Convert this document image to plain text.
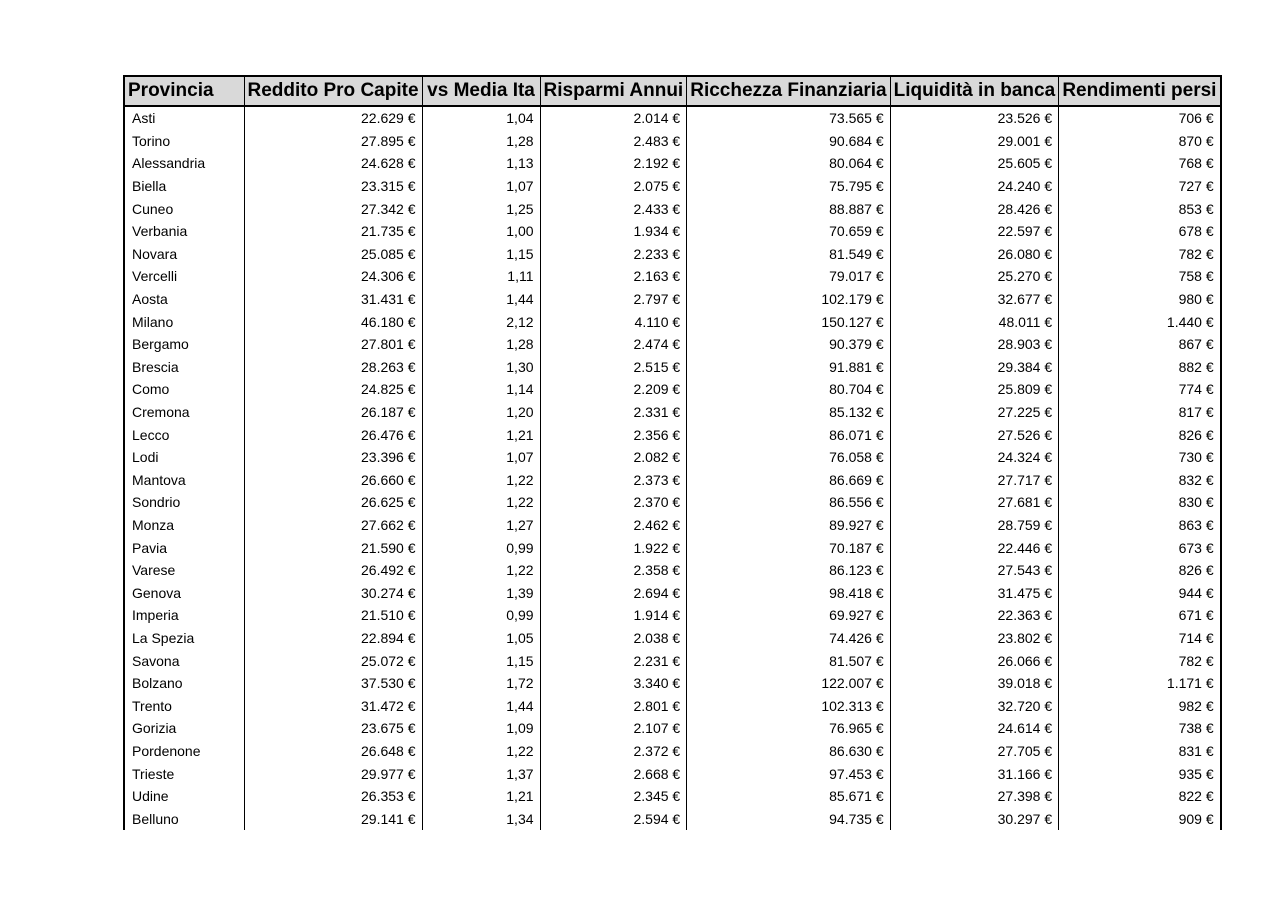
Provincia	Reddito Pro Capite	vs Media Ita	Risparmi Annui	Ricchezza Finanziaria	Liquidità in banca	Rendimenti persi
Asti	22.629 €	1,04	2.014 €	73.565 €	23.526 €	706 €
Torino	27.895 €	1,28	2.483 €	90.684 €	29.001 €	870 €
Alessandria	24.628 €	1,13	2.192 €	80.064 €	25.605 €	768 €
Biella	23.315 €	1,07	2.075 €	75.795 €	24.240 €	727 €
Cuneo	27.342 €	1,25	2.433 €	88.887 €	28.426 €	853 €
Verbania	21.735 €	1,00	1.934 €	70.659 €	22.597 €	678 €
Novara	25.085 €	1,15	2.233 €	81.549 €	26.080 €	782 €
Vercelli	24.306 €	1,11	2.163 €	79.017 €	25.270 €	758 €
Aosta	31.431 €	1,44	2.797 €	102.179 €	32.677 €	980 €
Milano	46.180 €	2,12	4.110 €	150.127 €	48.011 €	1.440 €
Bergamo	27.801 €	1,28	2.474 €	90.379 €	28.903 €	867 €
Brescia	28.263 €	1,30	2.515 €	91.881 €	29.384 €	882 €
Como	24.825 €	1,14	2.209 €	80.704 €	25.809 €	774 €
Cremona	26.187 €	1,20	2.331 €	85.132 €	27.225 €	817 €
Lecco	26.476 €	1,21	2.356 €	86.071 €	27.526 €	826 €
Lodi	23.396 €	1,07	2.082 €	76.058 €	24.324 €	730 €
Mantova	26.660 €	1,22	2.373 €	86.669 €	27.717 €	832 €
Sondrio	26.625 €	1,22	2.370 €	86.556 €	27.681 €	830 €
Monza	27.662 €	1,27	2.462 €	89.927 €	28.759 €	863 €
Pavia	21.590 €	0,99	1.922 €	70.187 €	22.446 €	673 €
Varese	26.492 €	1,22	2.358 €	86.123 €	27.543 €	826 €
Genova	30.274 €	1,39	2.694 €	98.418 €	31.475 €	944 €
Imperia	21.510 €	0,99	1.914 €	69.927 €	22.363 €	671 €
La Spezia	22.894 €	1,05	2.038 €	74.426 €	23.802 €	714 €
Savona	25.072 €	1,15	2.231 €	81.507 €	26.066 €	782 €
Bolzano	37.530 €	1,72	3.340 €	122.007 €	39.018 €	1.171 €
Trento	31.472 €	1,44	2.801 €	102.313 €	32.720 €	982 €
Gorizia	23.675 €	1,09	2.107 €	76.965 €	24.614 €	738 €
Pordenone	26.648 €	1,22	2.372 €	86.630 €	27.705 €	831 €
Trieste	29.977 €	1,37	2.668 €	97.453 €	31.166 €	935 €
Udine	26.353 €	1,21	2.345 €	85.671 €	27.398 €	822 €
Belluno	29.141 €	1,34	2.594 €	94.735 €	30.297 €	909 €
